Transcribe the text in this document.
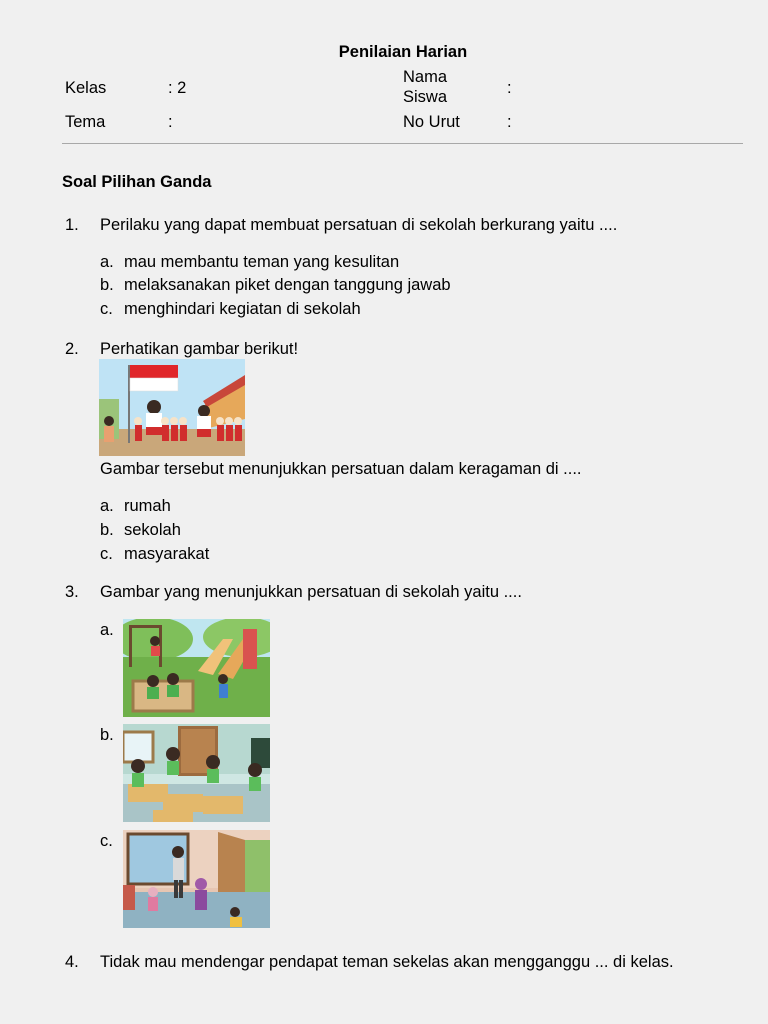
Penilaian Harian
Kelas	: 2
Tema	:
Nama
Siswa	:
No Urut	:
Soal Pilihan Ganda
1. Perilaku yang dapat membuat persatuan di sekolah berkurang yaitu ....
a. mau membantu teman yang kesulitan
b. melaksanakan piket dengan tanggung jawab
c. menghindari kegiatan di sekolah
2. Perhatikan gambar berikut!
Gambar tersebut menunjukkan persatuan dalam keragaman di ....
a. rumah
b. sekolah
c. masyarakat
3. Gambar yang menunjukkan persatuan di sekolah yaitu ....
a.
b.
c.
4. Tidak mau mendengar pendapat teman sekelas akan mengganggu ... di kelas.
